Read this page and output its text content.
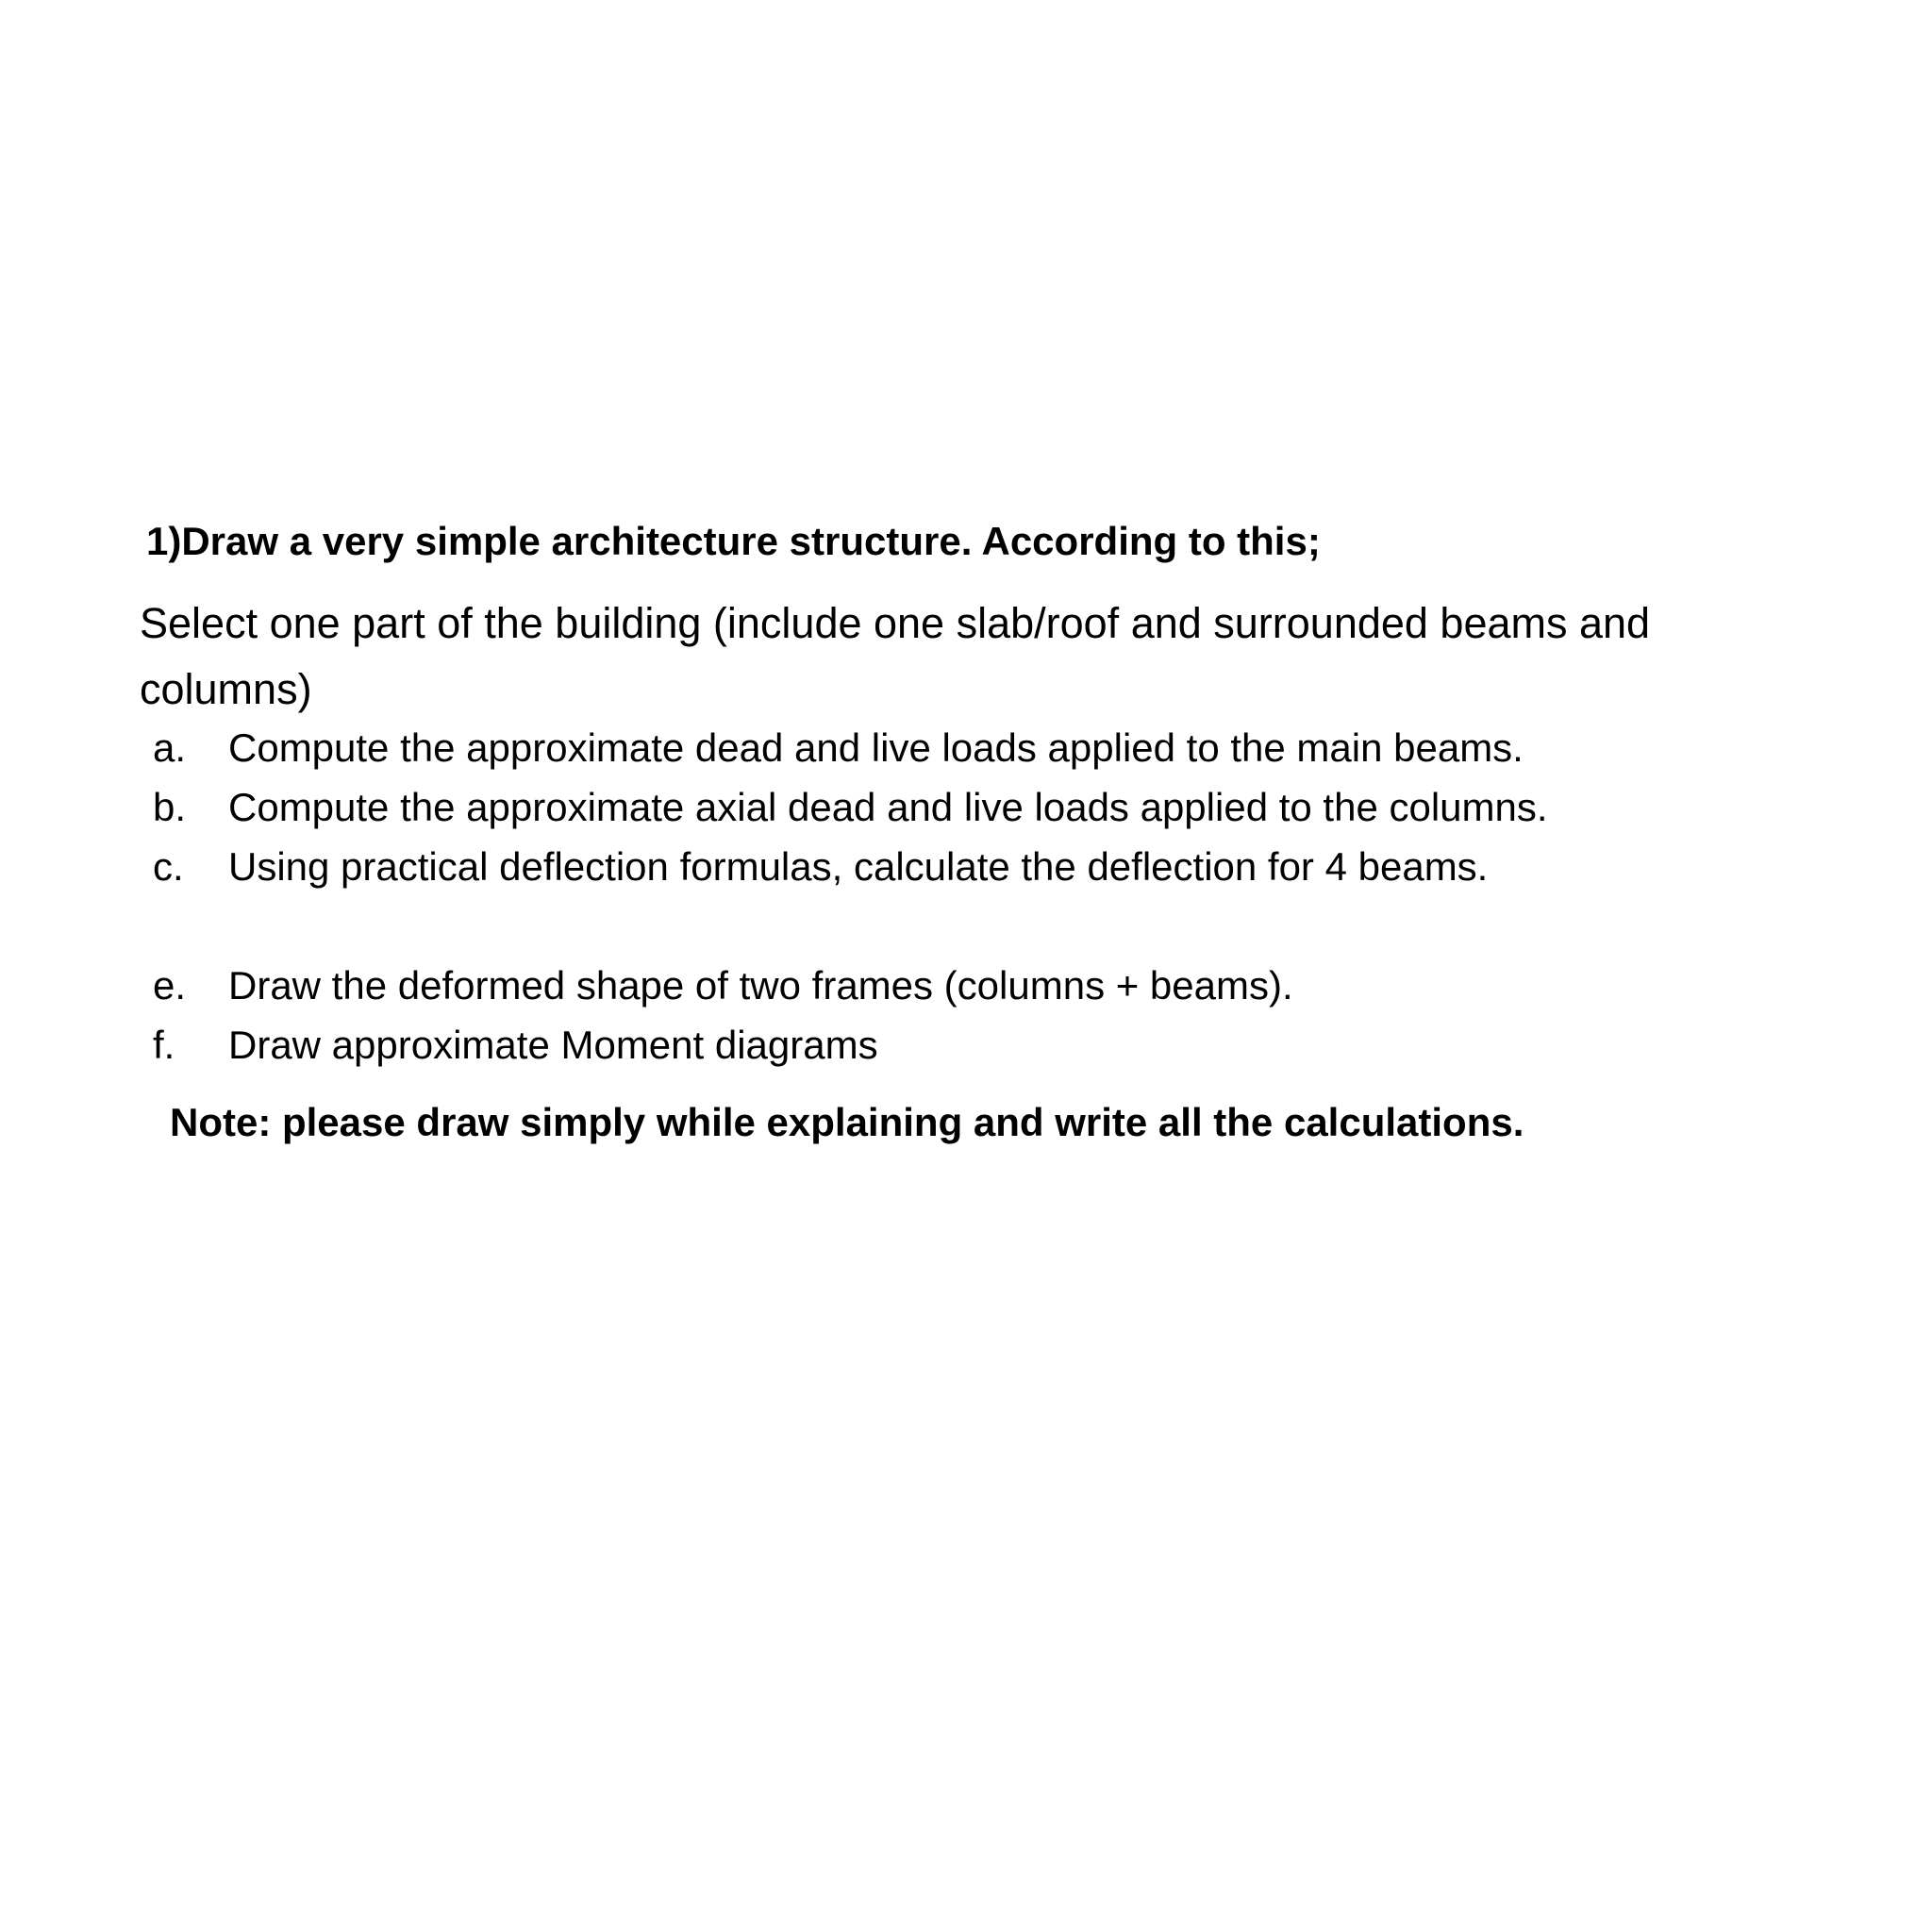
1)Draw a very simple architecture structure. According to this;
Select one part of the building (include one slab/roof and surrounded beams and columns)
a. Compute the approximate dead and live loads applied to the main beams.
b. Compute the approximate axial dead and live loads applied to the columns.
c. Using practical deflection formulas, calculate the deflection for 4 beams.
e. Draw the deformed shape of two frames (columns + beams).
f. Draw approximate Moment diagrams
Note: please draw simply while explaining and write all the calculations.
